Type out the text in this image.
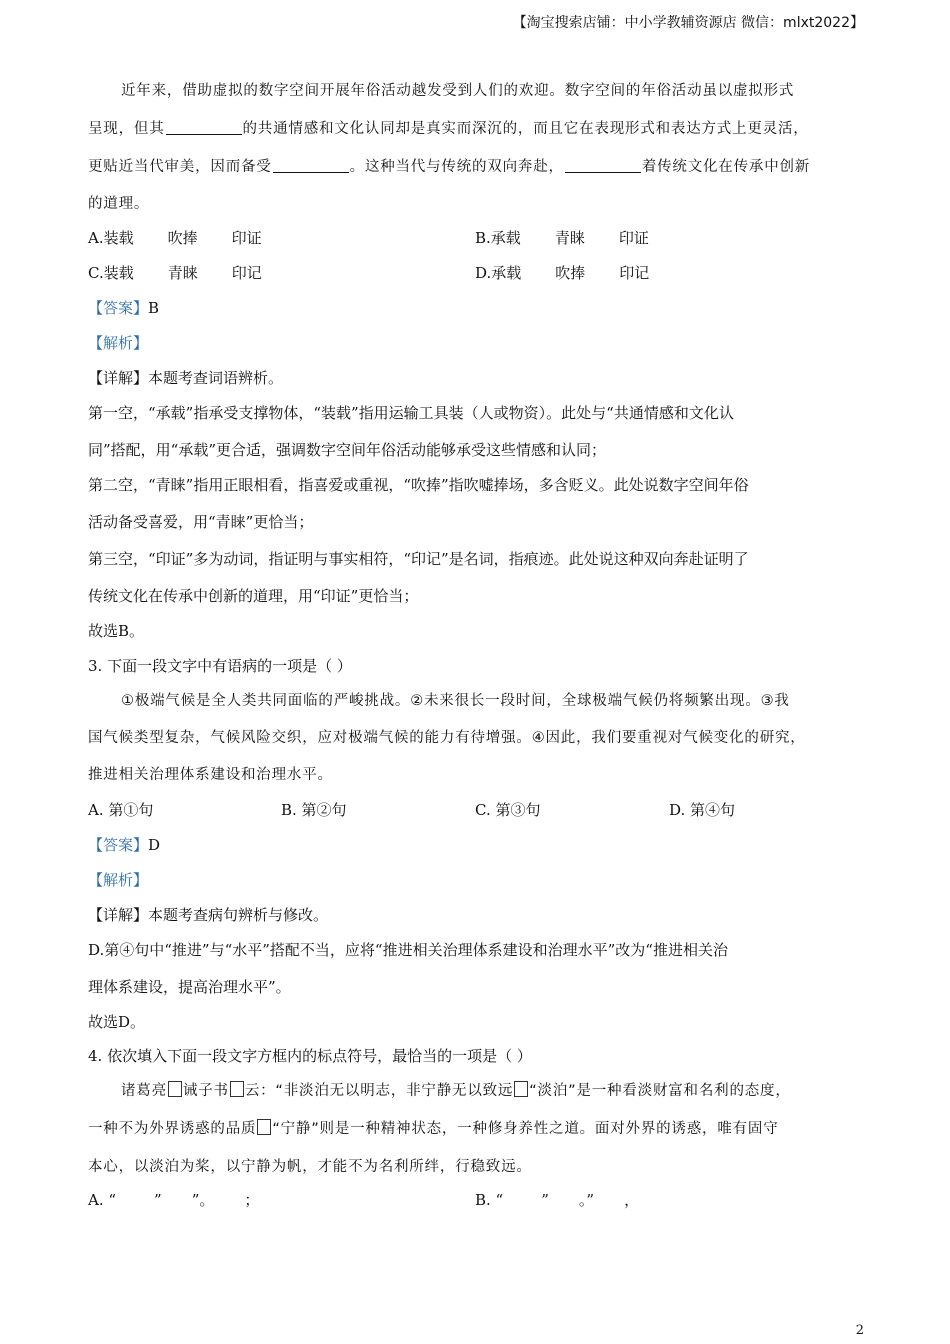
【淘宝搜索店铺：中小学教辅资源店 微信：mlxt2022】
近年来，借助虚拟的数字空间开展年俗活动越发受到人们的欢迎。数字空间的年俗活动虽以虚拟形式
呈现，但其	的共通情感和文化认同却是真实而深沉的，而且它在表现形式和表达方式上更灵活，
更贴近当代审美，因而备受	。这种当代与传统的双向奔赴，	着传统文化在传承中创新
的道理。
A.装载 吹捧 印证	B.承载 青睐 印证
C.装载 青睐 印记	D.承载 吹捧 印记
【答案】B
【解析】
【详解】本题考查词语辨析。
第一空，“承载”指承受支撑物体，“装载”指用运输工具装（人或物资）。此处与“共通情感和文化认
同”搭配，用“承载”更合适，强调数字空间年俗活动能够承受这些情感和认同；
第二空，“青睐”指用正眼相看，指喜爱或重视，“吹捧”指吹嘘捧场，多含贬义。此处说数字空间年俗
活动备受喜爱，用“青睐”更恰当；
第三空，“印证”多为动词，指证明与事实相符，“印记”是名词，指痕迹。此处说这种双向奔赴证明了
传统文化在传承中创新的道理，用“印证”更恰当；
故选B。
3. 下面一段文字中有语病的一项是（ ）
①极端气候是全人类共同面临的严峻挑战。②未来很长一段时间，全球极端气候仍将频繁出现。③我
国气候类型复杂，气候风险交织，应对极端气候的能力有待增强。④因此，我们要重视对气候变化的研究，
推进相关治理体系建设和治理水平。
A. 第①句	B. 第②句	C. 第③句	D. 第④句
【答案】D
【解析】
【详解】本题考查病句辨析与修改。
D.第④句中“推进”与“水平”搭配不当，应将“推进相关治理体系建设和治理水平”改为“推进相关治
理体系建设，提高治理水平”。
故选D。
4. 依次填入下面一段文字方框内的标点符号，最恰当的一项是（ ）
诸葛亮 诫子书 云：“非淡泊无以明志，非宁静无以致远 “淡泊”是一种看淡财富和名利的态度，
一种不为外界诱惑的品质 “宁静”则是一种精神状态，一种修身养性之道。面对外界的诱惑，唯有固守
本心，以淡泊为桨，以宁静为帆，才能不为名利所绊，行稳致远。
A. “	” ”。 ；	B. “	” 。” ，
2
